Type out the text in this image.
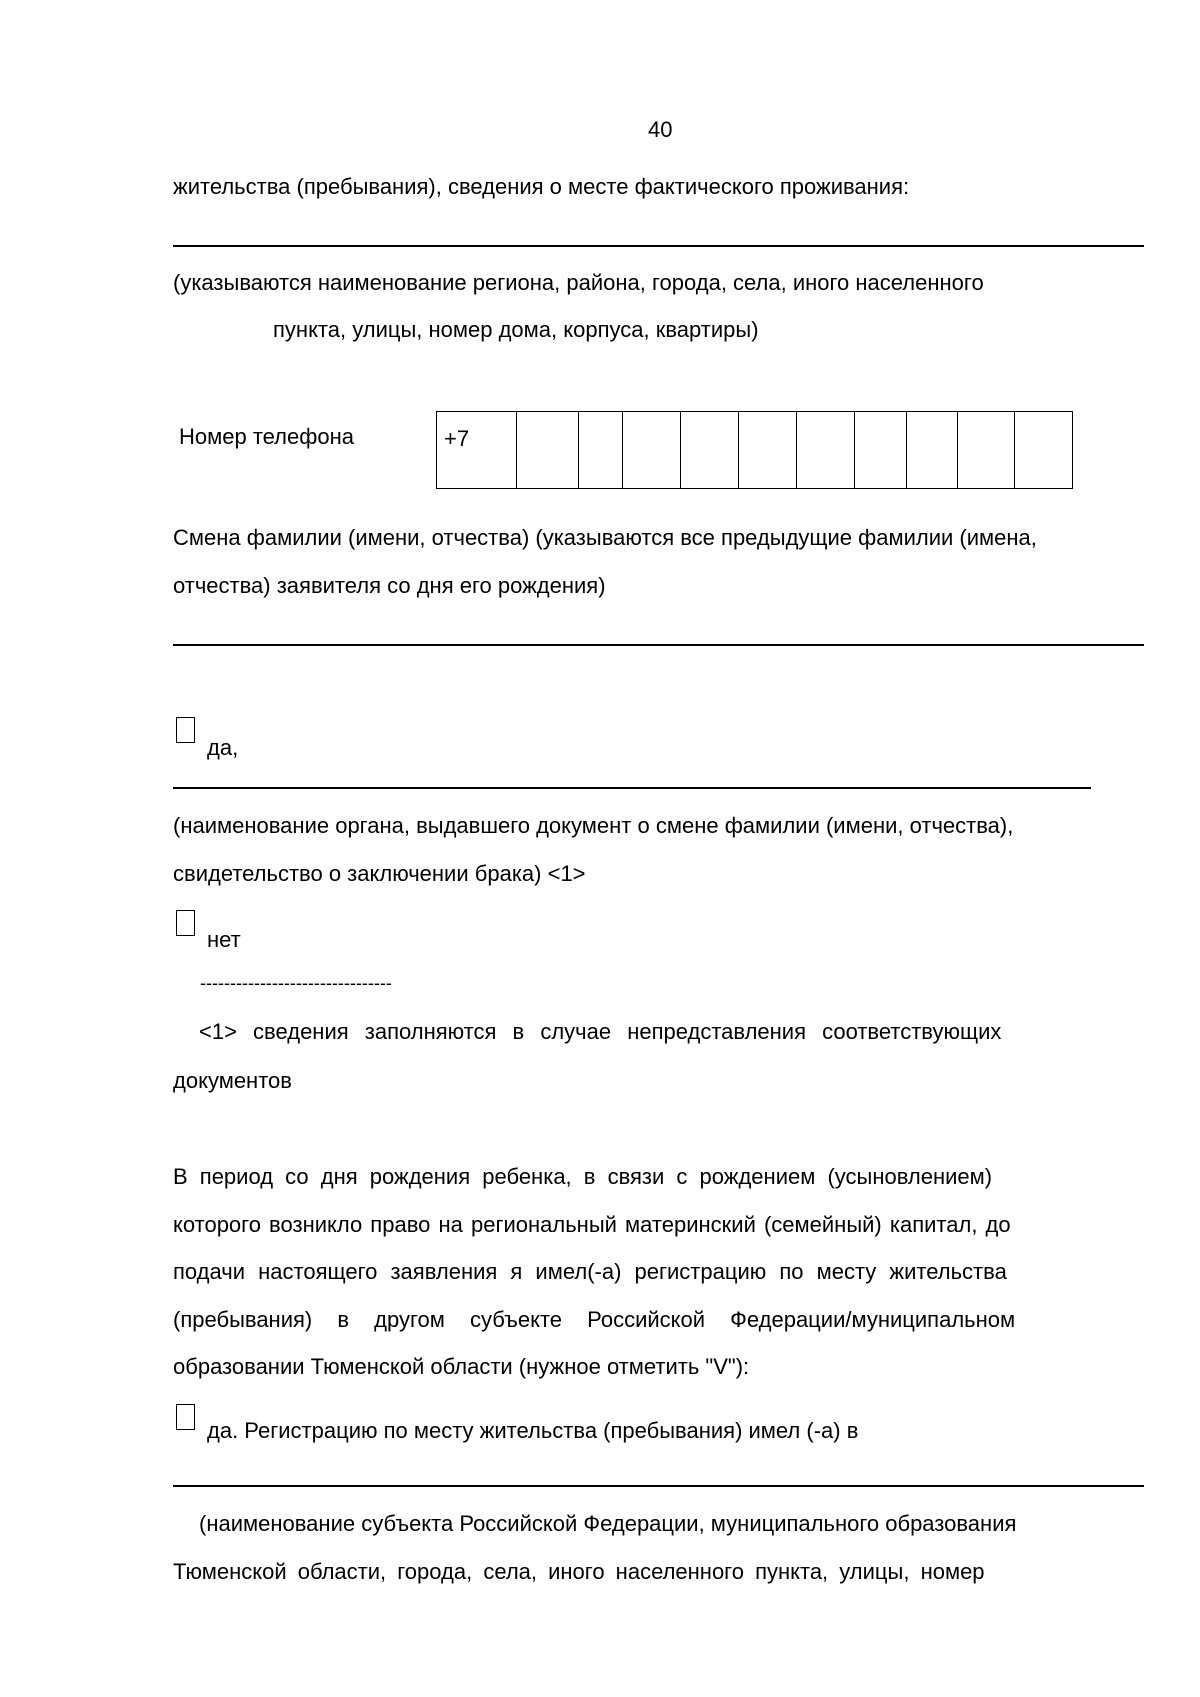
40
жительства (пребывания), сведения о месте фактического проживания:
(указываются наименование региона, района, города, села, иного населенного
пункта, улицы, номер дома, корпуса, квартиры)
Номер телефона	+7										
Смена фамилии (имени, отчества) (указываются все предыдущие фамилии (имена,
отчества) заявителя со дня его рождения)
да,
(наименование органа, выдавшего документ о смене фамилии (имени, отчества),
свидетельство о заключении брака) <1>
нет
--------------------------------
<1> сведения заполняются в случае непредставления соответствующих
документов
В период со дня рождения ребенка, в связи с рождением (усыновлением)
которого возникло право на региональный материнский (семейный) капитал, до
подачи настоящего заявления я имел(-а) регистрацию по месту жительства
(пребывания) в другом субъекте Российской Федерации/муниципальном
образовании Тюменской области (нужное отметить "V"):
да. Регистрацию по месту жительства (пребывания) имел (-а) в
(наименование субъекта Российской Федерации, муниципального образования
Тюменской области, города, села, иного населенного пункта, улицы, номер
